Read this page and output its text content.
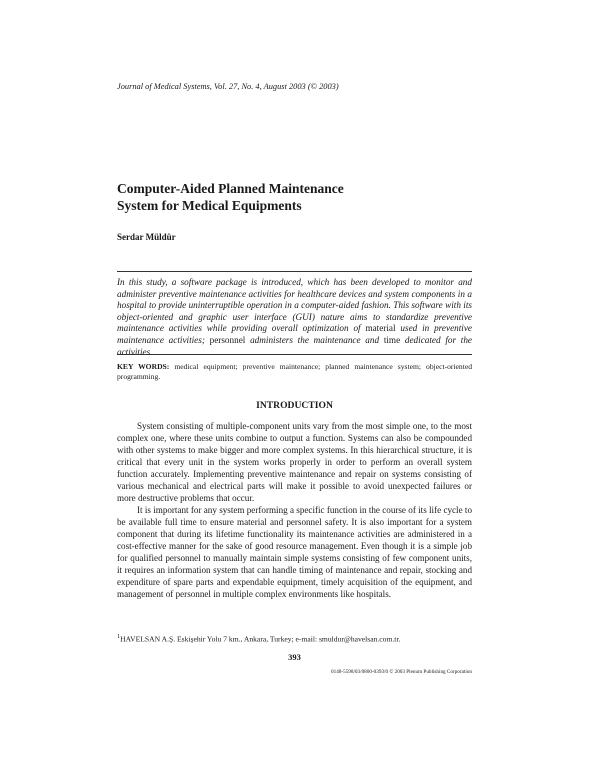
Journal of Medical Systems, Vol. 27, No. 4, August 2003 (© 2003)
Computer-Aided Planned Maintenance
System for Medical Equipments
Serdar Müldür
In this study, a software package is introduced, which has been developed to monitor and administer preventive maintenance activities for healthcare devices and system components in a hospital to provide uninterruptible operation in a computer-aided fashion. This software with its object-oriented and graphic user interface (GUI) nature aims to standardize preventive maintenance activities while providing overall optimization of material used in preventive maintenance activities; personnel administers the maintenance and time dedicated for the activities.
KEY WORDS: medical equipment; preventive maintenance; planned maintenance system; object-oriented programming.
INTRODUCTION

System consisting of multiple-component units vary from the most simple one, to the most complex one, where these units combine to output a function. Systems can also be compounded with other systems to make bigger and more complex systems. In this hierarchical structure, it is critical that every unit in the system works properly in order to perform an overall system function accurately. Implementing preventive maintenance and repair on systems consisting of various mechanical and electrical parts will make it possible to avoid unexpected failures or more destructive problems that occur.

It is important for any system performing a specific function in the course of its life cycle to be available full time to ensure material and personnel safety. It is also important for a system component that during its lifetime functionality its maintenance activities are administered in a cost-effective manner for the sake of good resource management. Even though it is a simple job for qualified personnel to manually maintain simple systems consisting of few component units, it requires an information system that can handle timing of maintenance and repair, stocking and expenditure of spare parts and expendable equipment, timely acquisition of the equipment, and management of personnel in multiple complex environments like hospitals.

$^1$HAVELSAN A.Ş. Eskişehir Yolu 7 km., Ankara, Turkey; e-mail: smuldur@havelsan.com.tr.
393
0148-5598/03/0800-0393/0 © 2003 Plenum Publishing Corporation
